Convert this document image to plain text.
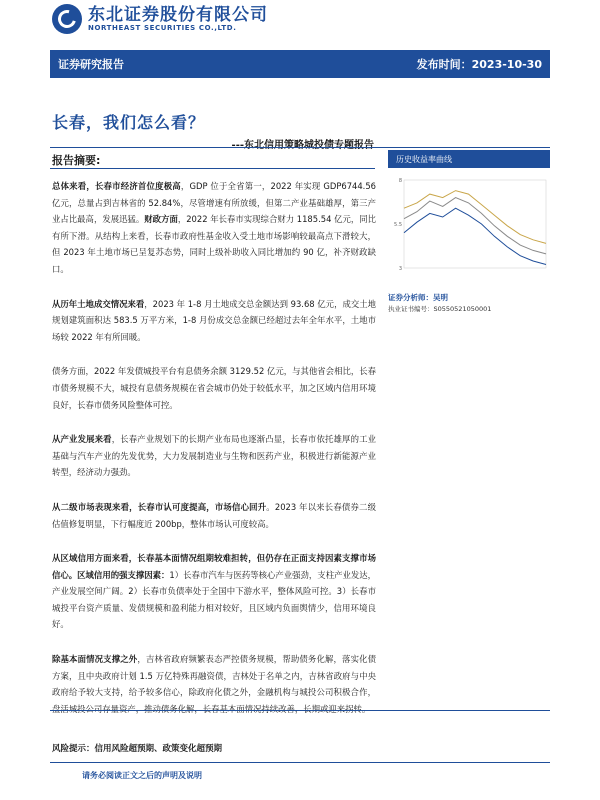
东北证券股份有限公司
NORTHEAST SECURITIES CO.,LTD.
证券研究报告	发布时间：2023-10-30
长春，我们怎么看？
---东北信用策略城投债专题报告
报告摘要:

总体来看，长春市经济首位度极高，GDP 位于全省第一，2022 年实现 GDP6744.56 亿元，总量占到吉林省的 52.84%，尽管增速有所放缓，但第二产业基础雄厚，第三产业占比最高，发展迅猛。财政方面，2022 年长春市实现综合财力 1185.54 亿元，同比有所下滑。从结构上来看，长春市政府性基金收入受土地市场影响较最高点下滑较大，但 2023 年土地市场已呈复苏态势，同时上级补助收入同比增加约 90 亿，补齐财政缺口。

从历年土地成交情况来看，2023 年 1-8 月土地成交总金额达到 93.68 亿元，成交土地规划建筑面积达 583.5 万平方米，1-8 月份成交总金额已经超过去年全年水平，土地市场较 2022 年有所回暖。

债务方面，2022 年发债城投平台有息债务余额 3129.52 亿元，与其他省会相比，长春市债务规模不大，城投有息债务规模在省会城市仍处于较低水平，加之区域内信用环境良好，长春市债务风险整体可控。

从产业发展来看，长春产业规划下的长期产业布局也逐渐凸显，长春市依托雄厚的工业基础与汽车产业的先发优势，大力发展制造业与生物和医药产业，积极进行新能源产业转型，经济动力强劲。

从二级市场表现来看，长春市认可度提高，市场信心回升。2023 年以来长春债券二级估值修复明显，下行幅度近 200bp，整体市场认可度较高。

从区域信用方面来看，长春基本面情况组期较难担转，但仍存在正面支持因素支撑市场信心。区域信用的强支撑因素：1）长春市汽车与医药等核心产业强劲，支柱产业发达，产业发展空间广阔。2）长春市负债率处于全国中下游水平，整体风险可控。3）长春市城投平台资产质量、发债规模和盈利能力相对较好，且区域内负面舆情少，信用环境良好。

除基本面情况支撑之外，吉林省政府频繁表态严控债务规模，帮助债务化解，落实化债方案，且中央政府计划 1.5 万亿特殊再融资债，吉林处于名单之内，吉林省政府与中央政府给予较大支持，给予较多信心，除政府化债之外，金融机构与城投公司积极合作，盘活城投公司存量资产，推动债务化解，长春基本面情况持续改善，长期或迎来拐转。

历史收益率曲线
3
5.5
8
证券分析师：吴明
执业证书编号：S0550521050001
风险提示：信用风险超预期、政策变化超预期
请务必阅读正文之后的声明及说明
